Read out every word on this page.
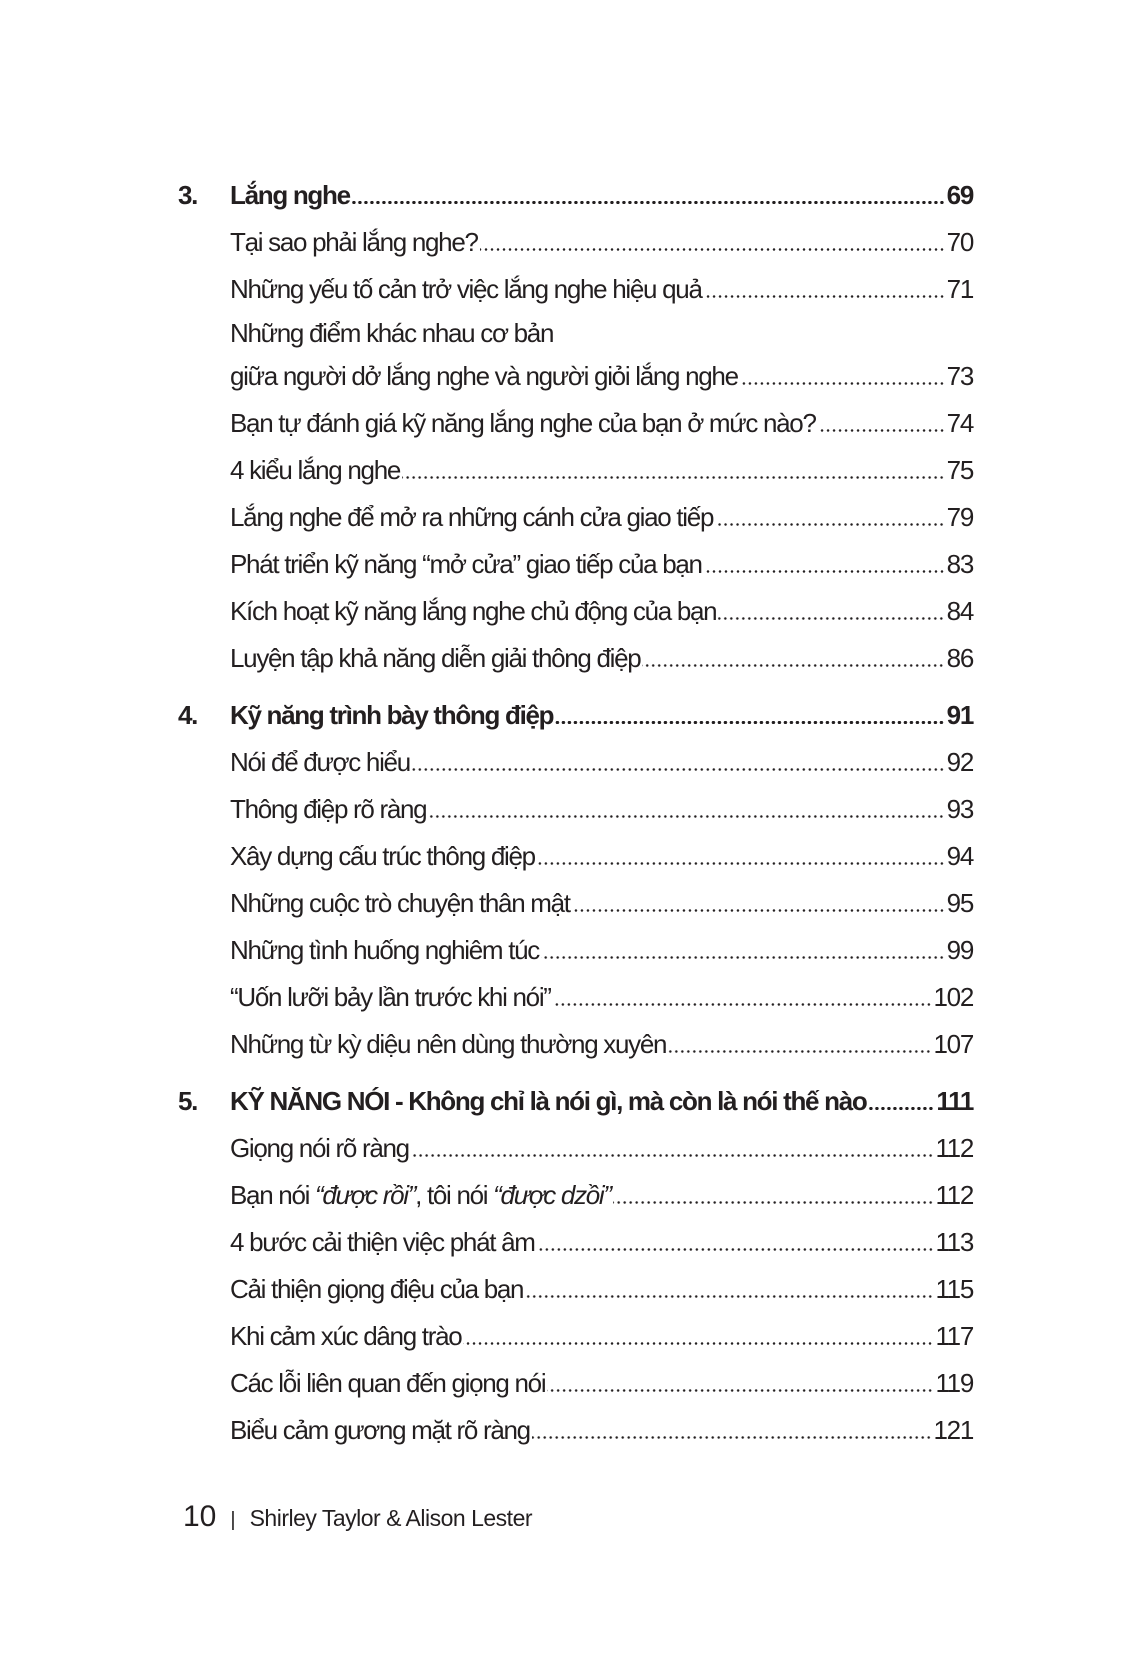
3.	Lắng nghe	69
Tại sao phải lắng nghe?	70
Những yếu tố cản trở việc lắng nghe hiệu quả	71
Những điểm khác nhau cơ bản
giữa người dở lắng nghe và người giỏi lắng nghe	73
Bạn tự đánh giá kỹ năng lắng nghe của bạn ở mức nào?	74
4 kiểu lắng nghe	75
Lắng nghe để mở ra những cánh cửa giao tiếp	79
Phát triển kỹ năng “mở cửa” giao tiếp của bạn	83
Kích hoạt kỹ năng lắng nghe chủ động của bạn	84
Luyện tập khả năng diễn giải thông điệp	86
4.	Kỹ năng trình bày thông điệp	91
Nói để được hiểu	92
Thông điệp rõ ràng	93
Xây dựng cấu trúc thông điệp	94
Những cuộc trò chuyện thân mật	95
Những tình huống nghiêm túc	99
“Uốn lưỡi bảy lần trước khi nói”	102
Những từ kỳ diệu nên dùng thường xuyên	107
5.	KỸ NĂNG NÓI - Không chỉ là nói gì, mà còn là nói thế nào	111
Giọng nói rõ ràng	112
Bạn nói “được rồi”, tôi nói “được dzồi”	112
4 bước cải thiện việc phát âm	113
Cải thiện giọng điệu của bạn	115
Khi cảm xúc dâng trào	117
Các lỗi liên quan đến giọng nói	119
Biểu cảm gương mặt rõ ràng	121
10 | Shirley Taylor & Alison Lester
